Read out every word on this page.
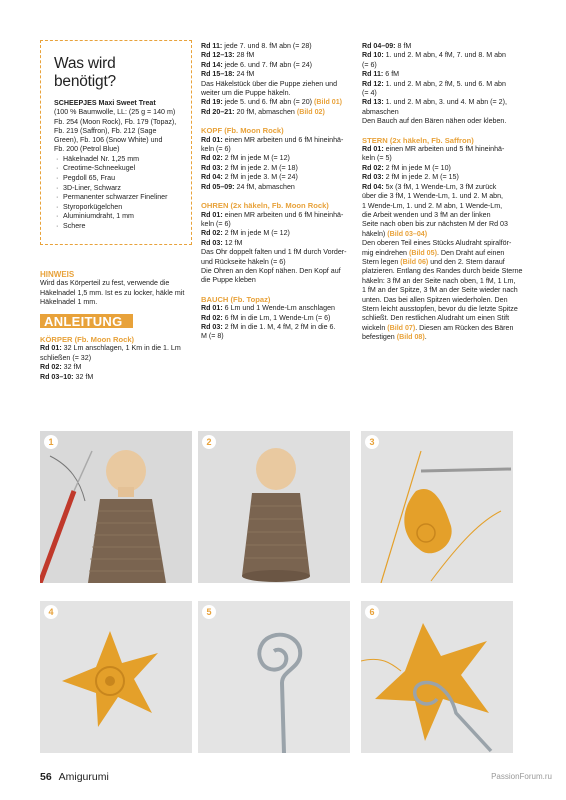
Was wird benötigt?
SCHEEPJES Maxi Sweet Treat
(100 % Baumwolle, LL: (25 g = 140 m)
Fb. 254 (Moon Rock), Fb. 179 (Topaz),
Fb. 219 (Saffron), Fb. 212 (Sage
Green), Fb. 106 (Snow White) und
Fb. 200 (Petrol Blue)
· Häkelnadel Nr. 1,25 mm
· Creotime-Schneekugel
· Pegdoll 65, Frau
· 3D-Liner, Schwarz
· Permanenter schwarzer Fineliner
· Styroporkügelchen
· Aluminiumdraht, 1 mm
· Schere
HINWEIS

Wird das Körperteil zu fest, verwende die

Häkelnadel 1,5 mm. Ist es zu locker, häkle mit

Häkelnadel 1 mm.

ANLEITUNG
KÖRPER (Fb. Moon Rock)

Rd 01: 32 Lm anschlagen, 1 Km in die 1. Lm

schließen (= 32)

Rd 02: 32 fM

Rd 03–10: 32 fM

Rd 11: jede 7. und 8. fM abn (= 28)

Rd 12–13: 28 fM

Rd 14: jede 6. und 7. fM abn (= 24)

Rd 15–18: 24 fM

Das Häkelstück über die Puppe ziehen und

weiter um die Puppe häkeln.

Rd 19: jede 5. und 6. fM abn (= 20) (Bild 01)

Rd 20–21: 20 fM, abmaschen (Bild 02)

KOPF (Fb. Moon Rock)

Rd 01: einen MR arbeiten und 6 fM hineinhä-

keln (= 6)

Rd 02: 2 fM in jede M (= 12)

Rd 03: 2 fM in jede 2. M (= 18)

Rd 04: 2 fM in jede 3. M (= 24)

Rd 05–09: 24 fM, abmaschen

OHREN (2x häkeln, Fb. Moon Rock)

Rd 01: einen MR arbeiten und 6 fM hineinhä-

keln (= 6)

Rd 02: 2 fM in jede M (= 12)

Rd 03: 12 fM

Das Ohr doppelt falten und 1 fM durch Vorder-

und Rückseite häkeln (= 6)

Die Ohren an den Kopf nähen. Den Kopf auf

die Puppe kleben

BAUCH (Fb. Topaz)

Rd 01: 6 Lm und 1 Wende-Lm anschlagen

Rd 02: 6 fM in die Lm, 1 Wende-Lm (= 6)

Rd 03: 2 fM in die 1. M, 4 fM, 2 fM in die 6.

M (= 8)

Rd 04–09: 8 fM

Rd 10: 1. und 2. M abn, 4 fM, 7. und 8. M abn

(= 6)

Rd 11: 6 fM

Rd 12: 1. und 2. M abn, 2 fM, 5. und 6. M abn

(= 4)

Rd 13: 1. und 2. M abn, 3. und 4. M abn (= 2),

abmaschen

Den Bauch auf den Bären nähen oder kleben.

STERN (2x häkeln, Fb. Saffron)

Rd 01: einen MR arbeiten und 5 fM hineinhä-

keln (= 5)

Rd 02: 2 fM in jede M (= 10)

Rd 03: 2 fM in jede 2. M (= 15)

Rd 04: 5x (3 fM, 1 Wende-Lm, 3 fM zurück

über die 3 fM, 1 Wende-Lm, 1. und 2. M abn,

1 Wende-Lm, 1. und 2. M abn, 1 Wende-Lm,

die Arbeit wenden und 3 fM an der linken

Seite nach oben bis zur nächsten M der Rd 03

häkeln) (Bild 03–04)

Den oberen Teil eines Stücks Aludraht spiralför-

mig eindrehen (Bild 05). Den Draht auf einen

Stern legen (Bild 06) und den 2. Stern darauf

platzieren. Entlang des Randes durch beide Sterne

häkeln: 3 fM an der Seite nach oben, 1 fM, 1 Lm,

1 fM an der Spitze, 3 fM an der Seite wieder nach

unten. Das bei allen Spitzen wiederholen. Den

Stern leicht ausstopfen, bevor du die letzte Spitze

schließt. Den restlichen Aludraht um einen Stift

wickeln (Bild 07). Diesen am Rücken des Bären

befestigen (Bild 08).

1	2	3
4	5	6
56 Amigurumi	PassionForum.ru
